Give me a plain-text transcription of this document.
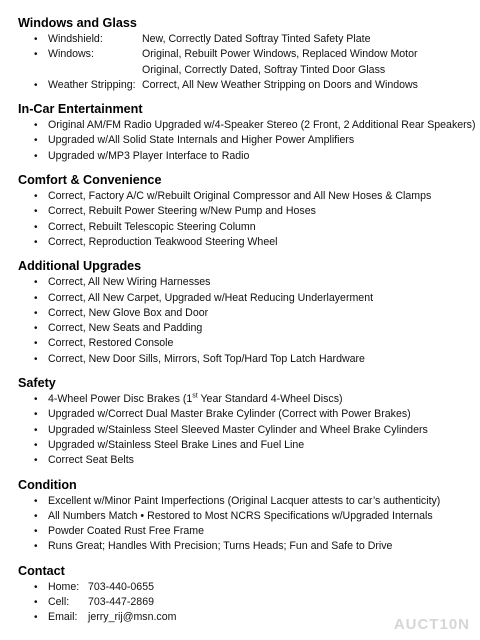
Windows and Glass
• Windshield:	New, Correctly Dated Softray Tinted Safety Plate
• Windows:	Original, Rebuilt Power Windows, Replaced Window Motor
Original, Correctly Dated, Softray Tinted Door Glass
• Weather Stripping: Correct, All New Weather Stripping on Doors and Windows
In-Car Entertainment
• Original AM/FM Radio Upgraded w/4-Speaker Stereo (2 Front, 2 Additional Rear Speakers)
• Upgraded w/All Solid State Internals and Higher Power Amplifiers
• Upgraded w/MP3 Player Interface to Radio
Comfort & Convenience
• Correct, Factory A/C w/Rebuilt Original Compressor and All New Hoses & Clamps
• Correct, Rebuilt Power Steering w/New Pump and Hoses
• Correct, Rebuilt Telescopic Steering Column
• Correct, Reproduction Teakwood Steering Wheel
Additional Upgrades
• Correct, All New Wiring Harnesses
• Correct, All New Carpet, Upgraded w/Heat Reducing Underlayerment
• Correct, New Glove Box and Door
• Correct, New Seats and Padding
• Correct, Restored Console
• Correct, New Door Sills, Mirrors, Soft Top/Hard Top Latch Hardware
Safety
• 4-Wheel Power Disc Brakes (1st Year Standard 4-Wheel Discs)
• Upgraded w/Correct Dual Master Brake Cylinder (Correct with Power Brakes)
• Upgraded w/Stainless Steel Sleeved Master Cylinder and Wheel Brake Cylinders
• Upgraded w/Stainless Steel Brake Lines and Fuel Line
• Correct Seat Belts
Condition
• Excellent w/Minor Paint Imperfections (Original Lacquer attests to car’s authenticity)
• All Numbers Match • Restored to Most NCRS Specifications w/Upgraded Internals
• Powder Coated Rust Free Frame
• Runs Great; Handles With Precision; Turns Heads; Fun and Safe to Drive
Contact
• Home: 703-440-0655
• Cell: 703-447-2869
• Email: jerry_rij@msn.com	AUCT10N
